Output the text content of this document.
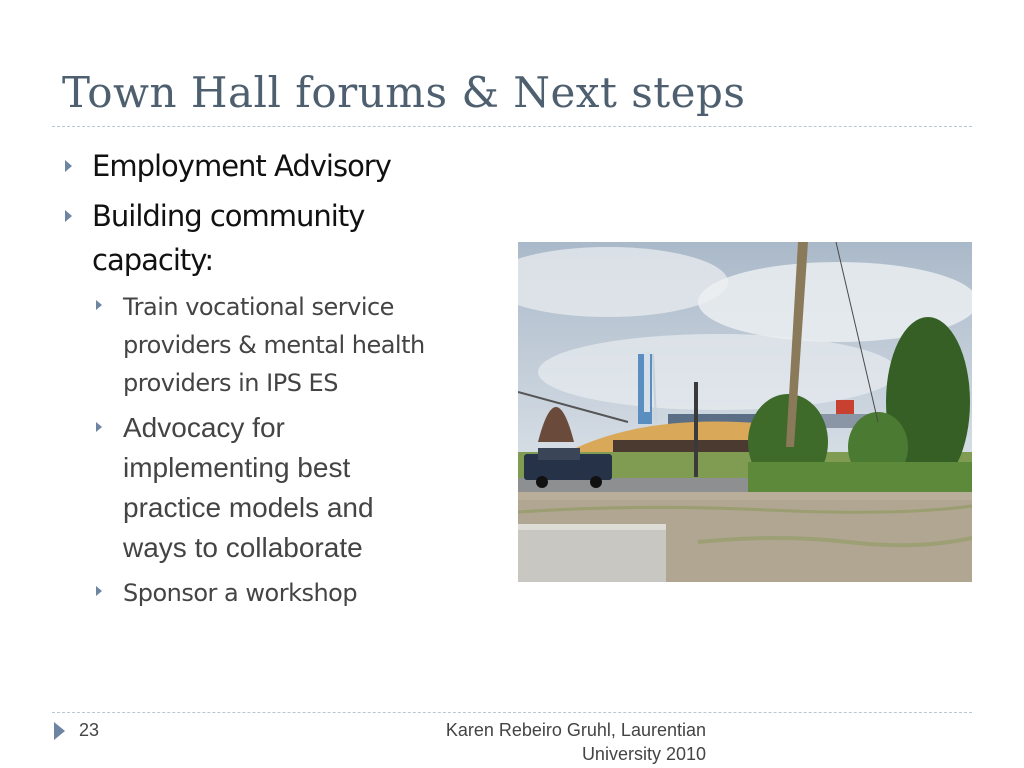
Town Hall forums & Next steps
Employment Advisory
Building community capacity:
Train vocational service providers & mental health providers in IPS ES
Advocacy for implementing best practice models and ways to collaborate
Sponsor a workshop
23	Karen Rebeiro Gruhl, Laurentian University 2010
